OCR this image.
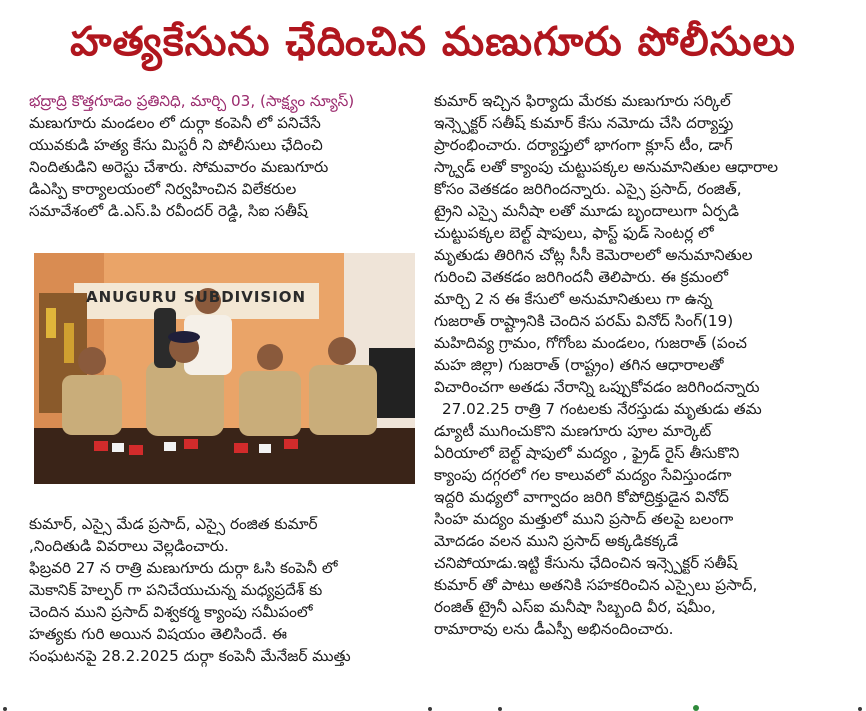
హత్యకేసును ఛేదించిన మణుగూరు పోలీసులు

భద్రాద్రి కొత్తగూడెం ప్రతినిధి, మార్చి 03, (సాక్ష్యం న్యూస్)

మణుగూరు మండలం లో దుర్గా కంపెనీ లో పనిచేసే

యువకుడి హత్య కేసు మిస్టరీ ని పోలీసులు ఛేదించి

నిందితుడిని అరెస్టు చేశారు. సోమవారం మణుగూరు

డిఎస్పి కార్యాలయంలో నిర్వహించిన విలేకరుల

సమావేశంలో డి.ఎస్.పి రవీందర్ రెడ్డి, సిఐ సతీష్

ANUGURU SUBDIVISION

కుమార్, ఎస్సై మేడ ప్రసాద్, ఎస్సై రంజిత కుమార్

,నిందితుడి వివరాలు వెల్లడించారు.

ఫిబ్రవరి 27 న రాత్రి మణుగూరు దుర్గా ఓసి కంపెనీ లో

మెకానిక్ హెల్పర్ గా పనిచేయుచున్న మధ్యప్రదేశ్ కు

చెందిన ముని ప్రసాద్ విశ్వకర్మ క్యాంపు సమీపంలో

హత్యకు గురి అయిన విషయం తెలిసిందే. ఈ

సంఘటనపై 28.2.2025 దుర్గా కంపెనీ మేనేజర్ ముత్తు

కుమార్ ఇచ్చిన ఫిర్యాదు మేరకు మణుగూరు సర్కిల్

ఇన్స్పెక్టర్ సతీష్ కుమార్ కేసు నమోదు చేసి దర్యాప్తు

ప్రారంభించారు. దర్యాప్తులో భాగంగా క్లూస్ టీం, డాగ్

స్క్వాడ్ లతో క్యాంపు చుట్టుపక్కల అనుమానితుల ఆధారాల

కోసం వెతకడం జరిగిందన్నారు. ఎస్సై ప్రసాద్, రంజిత్,

ట్రైని ఎస్సై మనీషా లతో మూడు బృందాలుగా ఏర్పడి

చుట్టుపక్కల బెల్ట్ షాపులు, ఫాస్ట్ ఫుడ్ సెంటర్ల లో

మృతుడు తిరిగిన చోట్ల సీసీ కెమెరాలలో అనుమానితుల

గురించి వెతకడం జరిగిందనీ తెలిపారు. ఈ క్రమంలో

మార్చి 2 న ఈ కేసులో అనుమానితులు గా ఉన్న

గుజరాత్ రాష్ట్రానికి చెందిన పరమ్ వినోద్ సింగ్(19)

మహిదివ్య గ్రామం, గోగోంబ మండలం, గుజరాత్ (పంచ

మహ జిల్లా) గుజరాత్ (రాష్ట్రం) తగిన ఆధారాలతో

విచారించగా అతడు నేరాన్ని ఒప్పుకోవడం జరిగిందన్నారు

27.02.25 రాత్రి 7 గంటలకు నేరస్తుడు మృతుడు తమ

డ్యూటీ ముగించుకొని మణగూరు పూల మార్కెట్

ఏరియాలో బెల్ట్ షాపులో మద్యం , ఫ్రైడ్ రైస్ తీసుకొని

క్యాంపు దగ్గరలో గల కాలువలో మద్యం సేవిస్తుండగా

ఇద్దరి మధ్యలో వాగ్వాదం జరిగి కోపోద్రిక్తుడైన వినోద్

సింహ మద్యం మత్తులో ముని ప్రసాద్ తలపై బలంగా

మోదడం వలన ముని ప్రసాద్ అక్కడికక్కడే

చనిపోయాడు.ఇట్టి కేసును ఛేదించిన ఇన్స్పెక్టర్ సతీష్

కుమార్ తో పాటు అతనికి సహకరించిన ఎస్సైలు ప్రసాద్,

రంజిత్ ట్రైనీ ఎస్ఐ మనీషా సిబ్బంది వీర, షమీం,

రామారావు లను డీఎస్పీ అభినందించారు.
